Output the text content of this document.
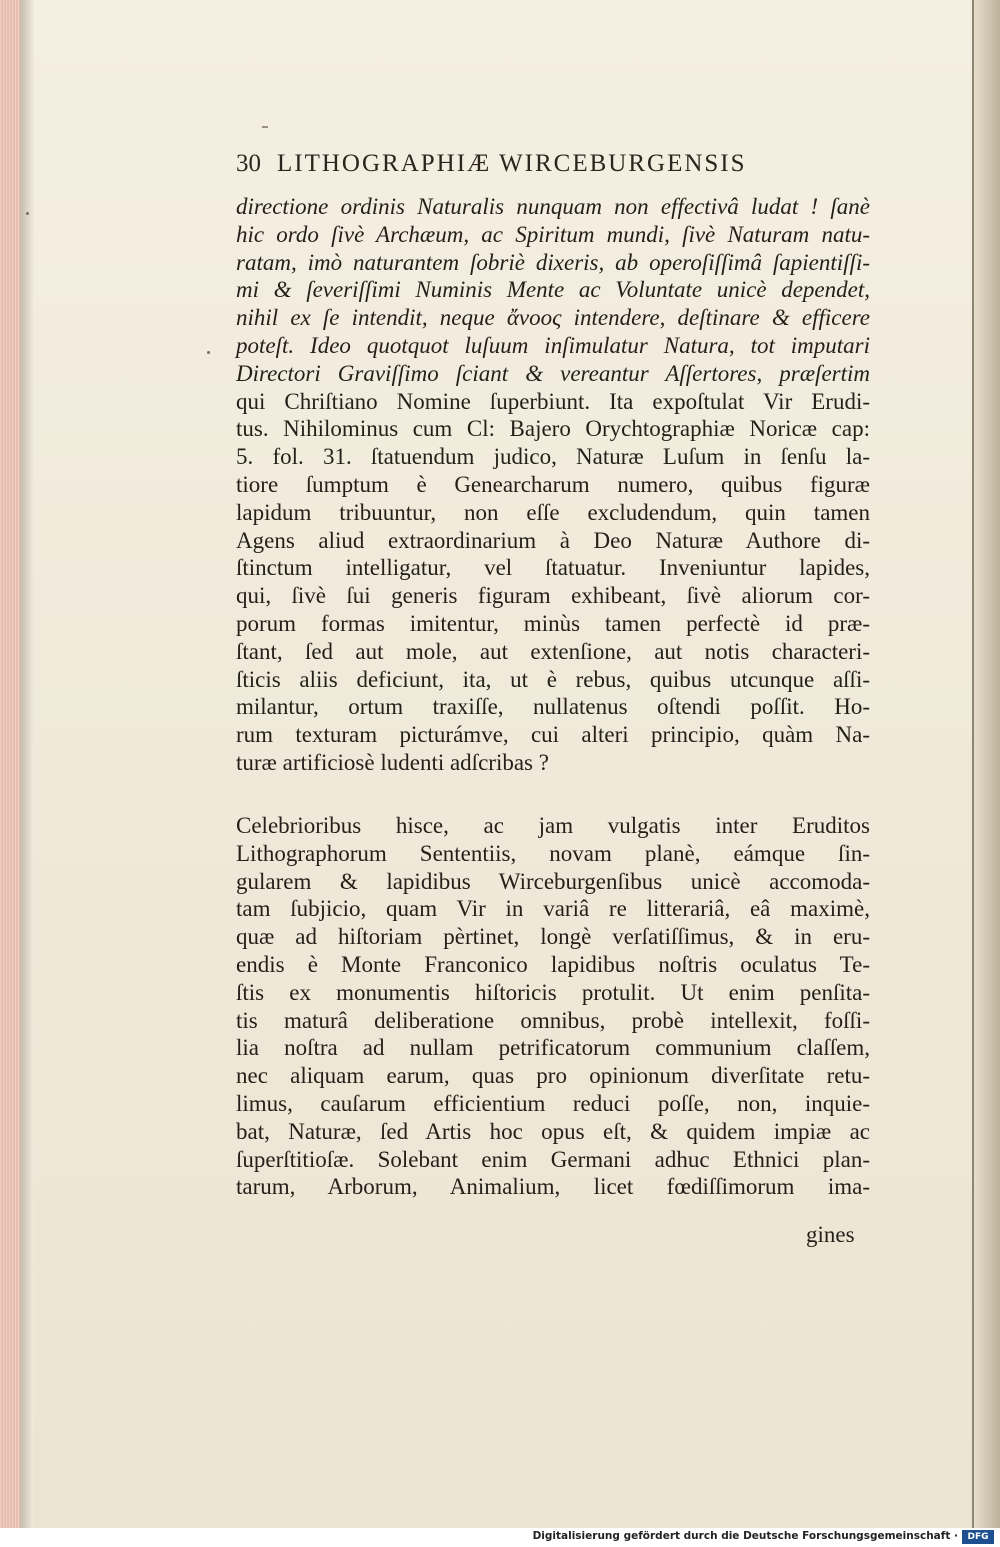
30 LITHOGRAPHIÆ WIRCEBURGENSIS
directione ordinis Naturalis nunquam non effectivâ ludat ! ſanè
hic ordo ſivè Archæum, ac Spiritum mundi, ſivè Naturam natu-
ratam, imò naturantem ſobriè dixeris, ab operoſiſſimâ ſapientiſſi-
mi & ſeveriſſimi Numinis Mente ac Voluntate unicè dependet,
nihil ex ſe intendit, neque ἄνοος intendere, deſtinare & efficere
poteſt. Ideo quotquot luſuum inſimulatur Natura, tot imputari
Directori Graviſſimo ſciant & vereantur Aſſertores, præſertim
qui Chriſtiano Nomine ſuperbiunt. Ita expoſtulat Vir Erudi-
tus. Nihilominus cum Cl: Bajero Orychtographiæ Noricæ cap:
5. fol. 31. ſtatuendum judico, Naturæ Luſum in ſenſu la-
tiore ſumptum è Genearcharum numero, quibus figuræ
lapidum tribuuntur, non eſſe excludendum, quin tamen
Agens aliud extraordinarium à Deo Naturæ Authore di-
ſtinctum intelligatur, vel ſtatuatur. Inveniuntur lapides,
qui, ſivè ſui generis figuram exhibeant, ſivè aliorum cor-
porum formas imitentur, minùs tamen perfectè id præ-
ſtant, ſed aut mole, aut extenſione, aut notis characteri-
ſticis aliis deficiunt, ita, ut è rebus, quibus utcunque aſſi-
milantur, ortum traxiſſe, nullatenus oſtendi poſſit. Ho-
rum texturam picturámve, cui alteri principio, quàm Na-
turæ artificiosè ludenti adſcribas ?
Celebrioribus hisce, ac jam vulgatis inter Eruditos
Lithographorum Sententiis, novam planè, eámque ſin-
gularem & lapidibus Wirceburgenſibus unicè accomoda-
tam ſubjicio, quam Vir in variâ re litterariâ, eâ maximè,
quæ ad hiſtoriam pèrtinet, longè verſatiſſimus, & in eru-
endis è Monte Franconico lapidibus noſtris oculatus Te-
ſtis ex monumentis hiſtoricis protulit. Ut enim penſita-
tis maturâ deliberatione omnibus, probè intellexit, foſſi-
lia noſtra ad nullam petrificatorum communium claſſem,
nec aliquam earum, quas pro opinionum diverſitate retu-
limus, cauſarum efficientium reduci poſſe, non, inquie-
bat, Naturæ, ſed Artis hoc opus eſt, & quidem impiæ ac
ſuperſtitioſæ. Solebant enim Germani adhuc Ethnici plan-
tarum, Arborum, Animalium, licet fœdiſſimorum ima-
gines
Digitalisierung gefördert durch die Deutsche Forschungsgemeinschaft ·	DFG
